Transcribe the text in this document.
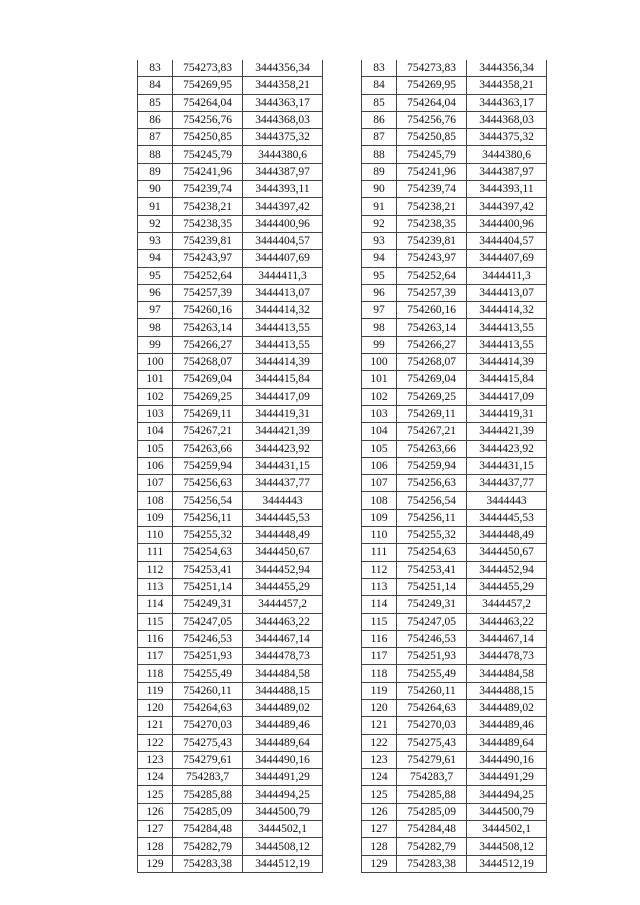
83	754273,83	3444356,34
84	754269,95	3444358,21
85	754264,04	3444363,17
86	754256,76	3444368,03
87	754250,85	3444375,32
88	754245,79	3444380,6
89	754241,96	3444387,97
90	754239,74	3444393,11
91	754238,21	3444397,42
92	754238,35	3444400,96
93	754239,81	3444404,57
94	754243,97	3444407,69
95	754252,64	3444411,3
96	754257,39	3444413,07
97	754260,16	3444414,32
98	754263,14	3444413,55
99	754266,27	3444413,55
100	754268,07	3444414,39
101	754269,04	3444415,84
102	754269,25	3444417,09
103	754269,11	3444419,31
104	754267,21	3444421,39
105	754263,66	3444423,92
106	754259,94	3444431,15
107	754256,63	3444437,77
108	754256,54	3444443
109	754256,11	3444445,53
110	754255,32	3444448,49
111	754254,63	3444450,67
112	754253,41	3444452,94
113	754251,14	3444455,29
114	754249,31	3444457,2
115	754247,05	3444463,22
116	754246,53	3444467,14
117	754251,93	3444478,73
118	754255,49	3444484,58
119	754260,11	3444488,15
120	754264,63	3444489,02
121	754270,03	3444489,46
122	754275,43	3444489,64
123	754279,61	3444490,16
124	754283,7	3444491,29
125	754285,88	3444494,25
126	754285,09	3444500,79
127	754284,48	3444502,1
128	754282,79	3444508,12
129	754283,38	3444512,19
83	754273,83	3444356,34
84	754269,95	3444358,21
85	754264,04	3444363,17
86	754256,76	3444368,03
87	754250,85	3444375,32
88	754245,79	3444380,6
89	754241,96	3444387,97
90	754239,74	3444393,11
91	754238,21	3444397,42
92	754238,35	3444400,96
93	754239,81	3444404,57
94	754243,97	3444407,69
95	754252,64	3444411,3
96	754257,39	3444413,07
97	754260,16	3444414,32
98	754263,14	3444413,55
99	754266,27	3444413,55
100	754268,07	3444414,39
101	754269,04	3444415,84
102	754269,25	3444417,09
103	754269,11	3444419,31
104	754267,21	3444421,39
105	754263,66	3444423,92
106	754259,94	3444431,15
107	754256,63	3444437,77
108	754256,54	3444443
109	754256,11	3444445,53
110	754255,32	3444448,49
111	754254,63	3444450,67
112	754253,41	3444452,94
113	754251,14	3444455,29
114	754249,31	3444457,2
115	754247,05	3444463,22
116	754246,53	3444467,14
117	754251,93	3444478,73
118	754255,49	3444484,58
119	754260,11	3444488,15
120	754264,63	3444489,02
121	754270,03	3444489,46
122	754275,43	3444489,64
123	754279,61	3444490,16
124	754283,7	3444491,29
125	754285,88	3444494,25
126	754285,09	3444500,79
127	754284,48	3444502,1
128	754282,79	3444508,12
129	754283,38	3444512,19
